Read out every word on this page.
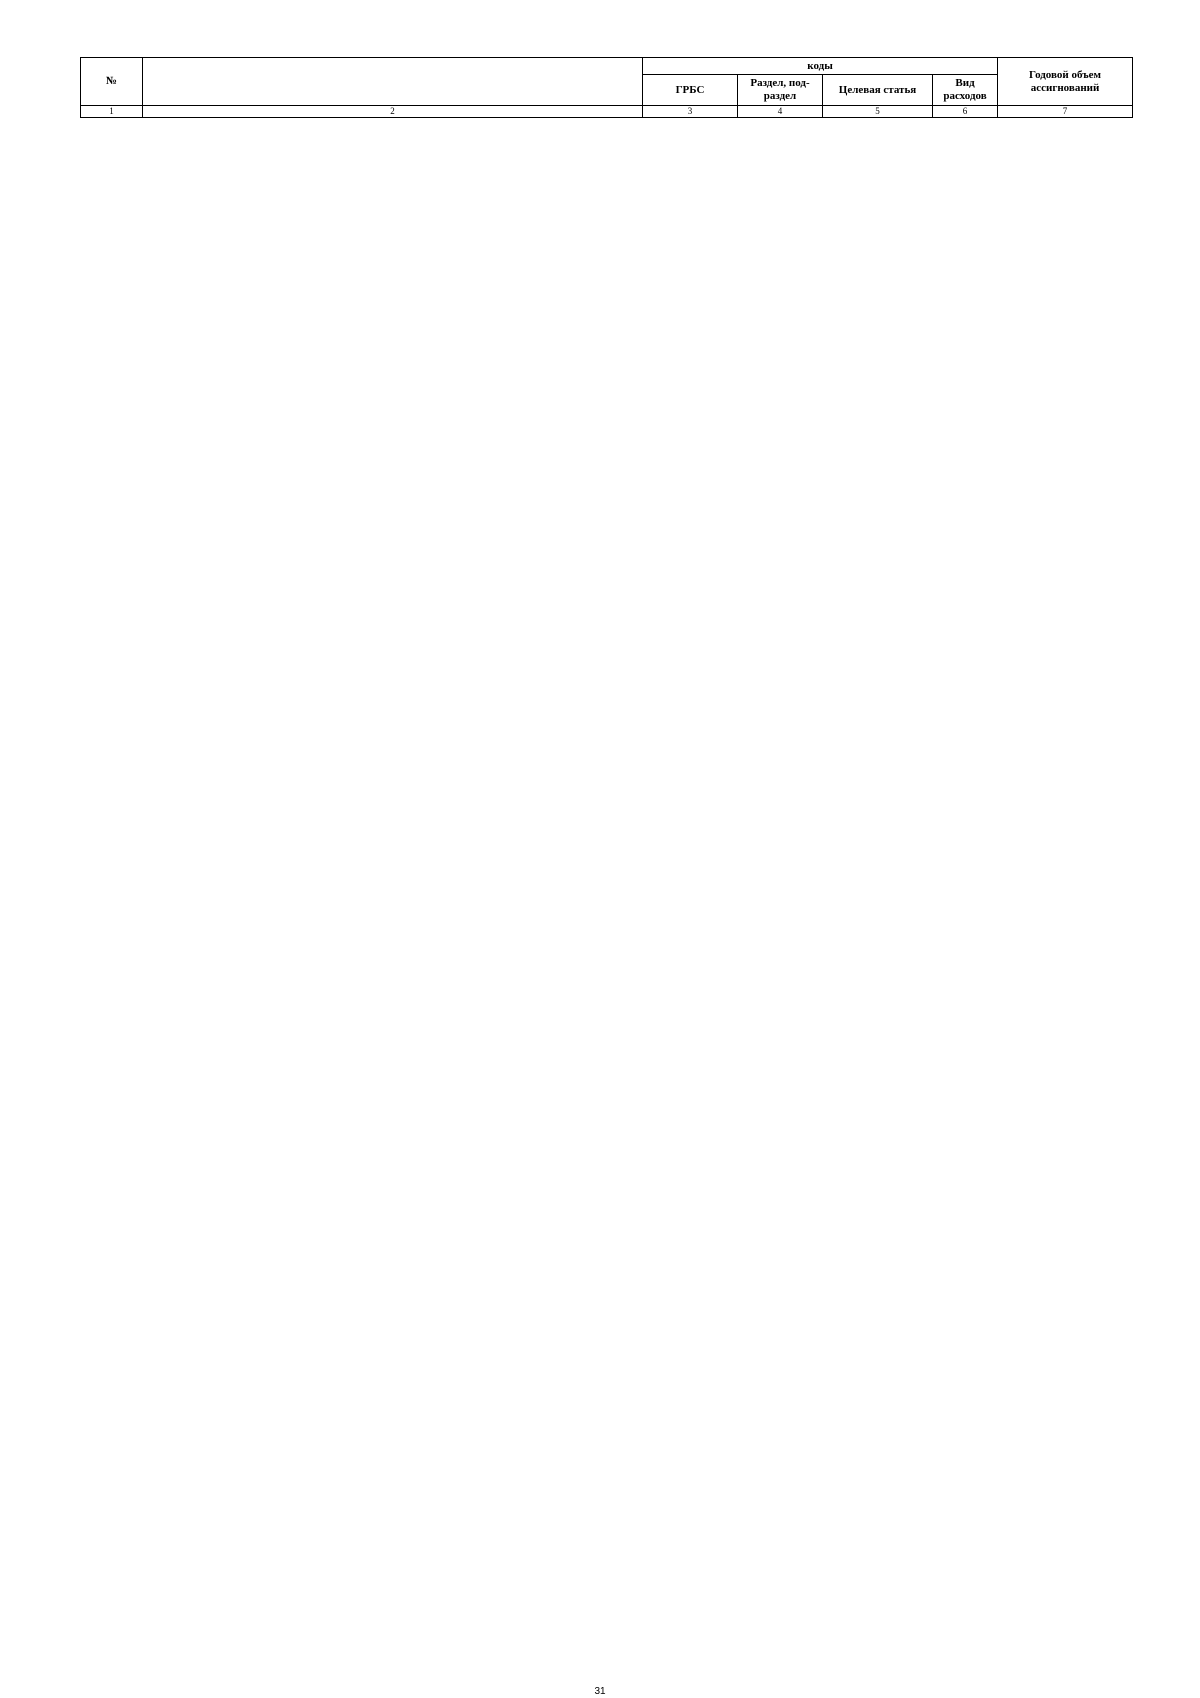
№		коды				Годовой объем ассигнований
		ГРБС	Раздел, под-раздел	Целевая статья	Вид расходов	
1	2	3	4	5	6	7
31
